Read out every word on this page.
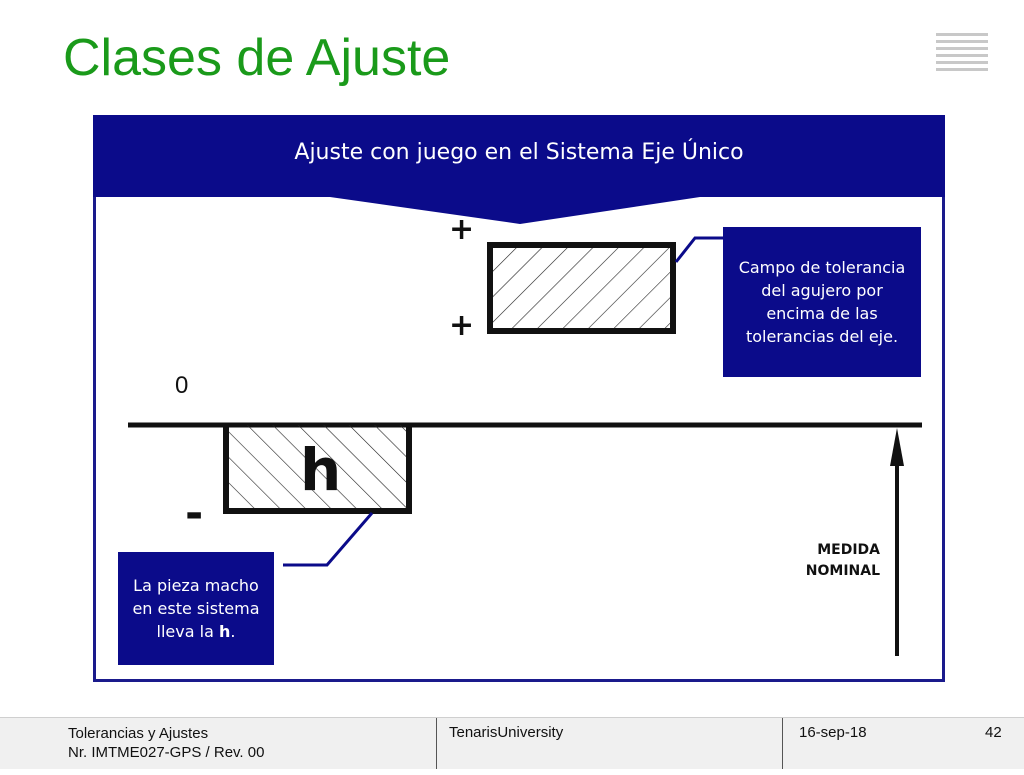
Clases de Ajuste
Ajuste con juego en el Sistema Eje Único
+
+
-
0
h
Campo de tolerancia del agujero por encima de las tolerancias del eje.
La pieza macho en este sistema lleva la h.
MEDIDA
NOMINAL
Tolerancias y Ajustes
Nr. IMTME027-GPS / Rev. 00
TenarisUniversity	16-sep-18	42
